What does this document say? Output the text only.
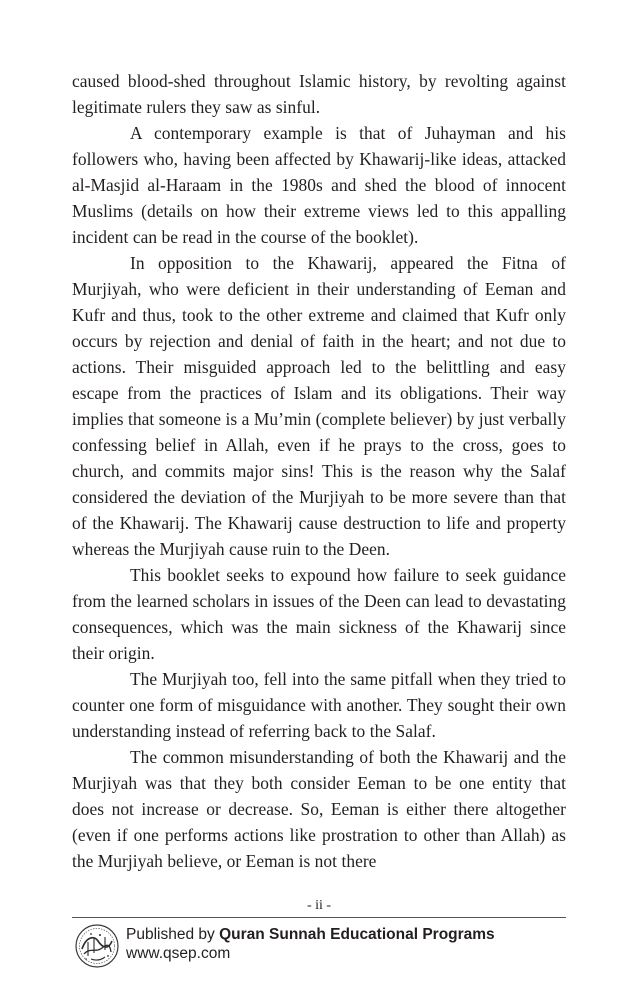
caused blood-shed throughout Islamic history, by revolting against legitimate rulers they saw as sinful.

A contemporary example is that of Juhayman and his followers who, having been affected by Khawarij-like ideas, attacked al-Masjid al-Haraam in the 1980s and shed the blood of innocent Muslims (details on how their extreme views led to this appalling incident can be read in the course of the booklet).

In opposition to the Khawarij, appeared the Fitna of Murjiyah, who were deficient in their understanding of Eeman and Kufr and thus, took to the other extreme and claimed that Kufr only occurs by rejection and denial of faith in the heart; and not due to actions. Their misguided approach led to the belittling and easy escape from the practices of Islam and its obligations. Their way implies that someone is a Mu’min (complete believer) by just verbally confessing belief in Allah, even if he prays to the cross, goes to church, and commits major sins! This is the reason why the Salaf considered the deviation of the Murjiyah to be more severe than that of the Khawarij. The Khawarij cause destruction to life and property whereas the Murjiyah cause ruin to the Deen.

This booklet seeks to expound how failure to seek guidance from the learned scholars in issues of the Deen can lead to devastating consequences, which was the main sickness of the Khawarij since their origin.

The Murjiyah too, fell into the same pitfall when they tried to counter one form of misguidance with another. They sought their own understanding instead of referring back to the Salaf.

The common misunderstanding of both the Khawarij and the Murjiyah was that they both consider Eeman to be one entity that does not increase or decrease. So, Eeman is either there altogether (even if one performs actions like prostration to other than Allah) as the Murjiyah believe, or Eeman is not there

- ii -
Published by Quran Sunnah Educational Programs
www.qsep.com
